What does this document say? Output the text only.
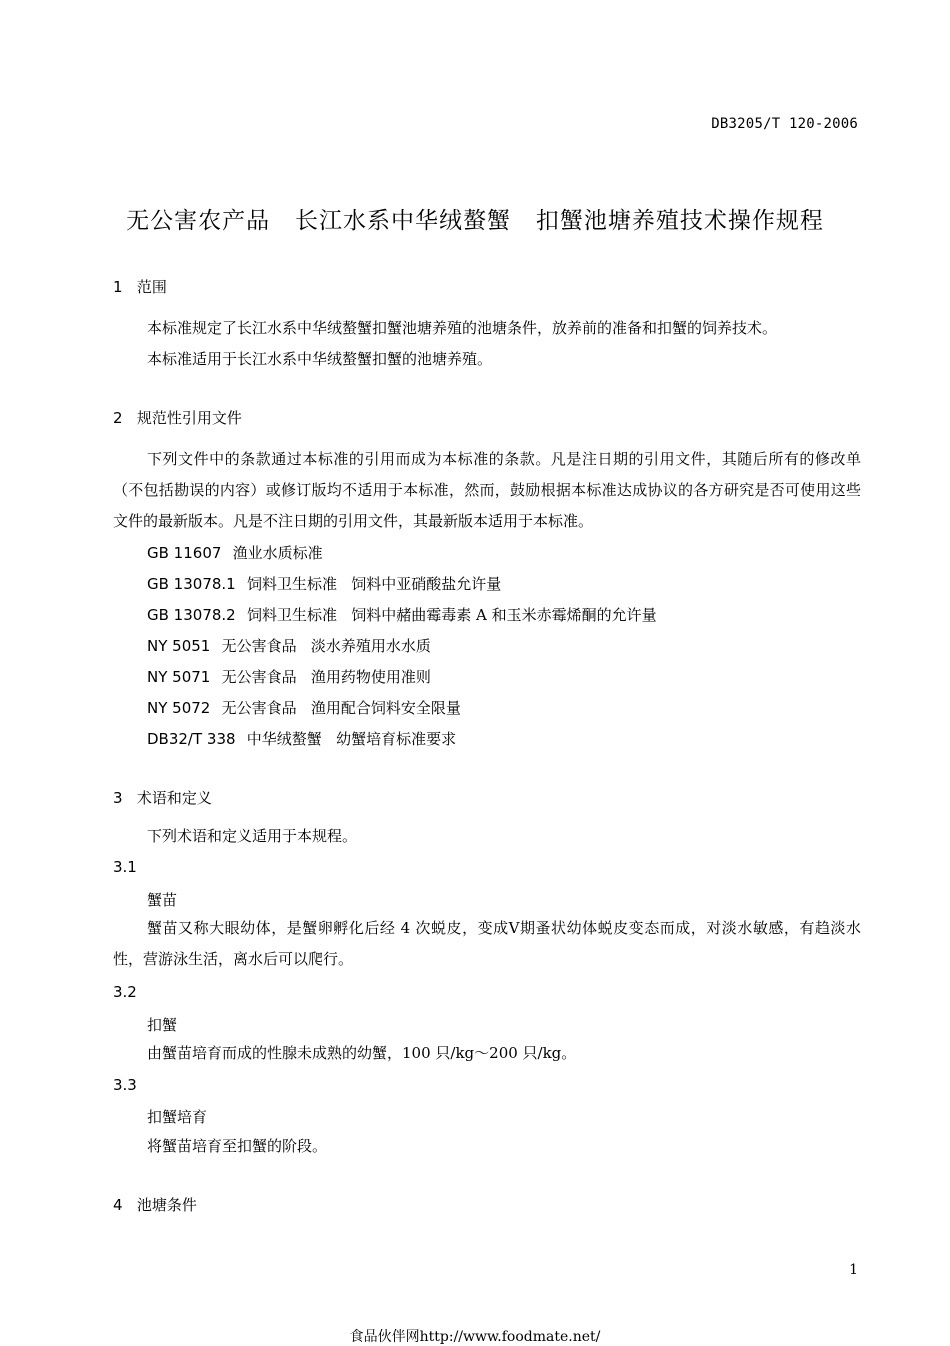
DB3205/T 120-2006
无公害农产品   长江水系中华绒螯蟹   扣蟹池塘养殖技术操作规程
1   范围
本标准规定了长江水系中华绒螯蟹扣蟹池塘养殖的池塘条件，放养前的准备和扣蟹的饲养技术。
本标准适用于长江水系中华绒螯蟹扣蟹的池塘养殖。
2   规范性引用文件
下列文件中的条款通过本标准的引用而成为本标准的条款。凡是注日期的引用文件，其随后所有的修改单（不包括勘误的内容）或修订版均不适用于本标准，然而，鼓励根据本标准达成协议的各方研究是否可使用这些文件的最新版本。凡是不注日期的引用文件，其最新版本适用于本标准。
GB 11607 渔业水质标准
GB 13078.1 饲料卫生标准   饲料中亚硝酸盐允许量
GB 13078.2 饲料卫生标准   饲料中赭曲霉毒素 A 和玉米赤霉烯酮的允许量
NY 5051 无公害食品   淡水养殖用水水质
NY 5071 无公害食品   渔用药物使用准则
NY 5072 无公害食品   渔用配合饲料安全限量
DB32/T 338 中华绒螯蟹   幼蟹培育标准要求
3   术语和定义
下列术语和定义适用于本规程。
3.1
蟹苗
蟹苗又称大眼幼体，是蟹卵孵化后经 4 次蜕皮，变成Ⅴ期蚤状幼体蜕皮变态而成，对淡水敏感，有趋淡水性，营游泳生活，离水后可以爬行。
3.2
扣蟹
由蟹苗培育而成的性腺未成熟的幼蟹，100 只/kg～200 只/kg。
3.3
扣蟹培育
将蟹苗培育至扣蟹的阶段。
4   池塘条件
1
食品伙伴网http://www.foodmate.net/
